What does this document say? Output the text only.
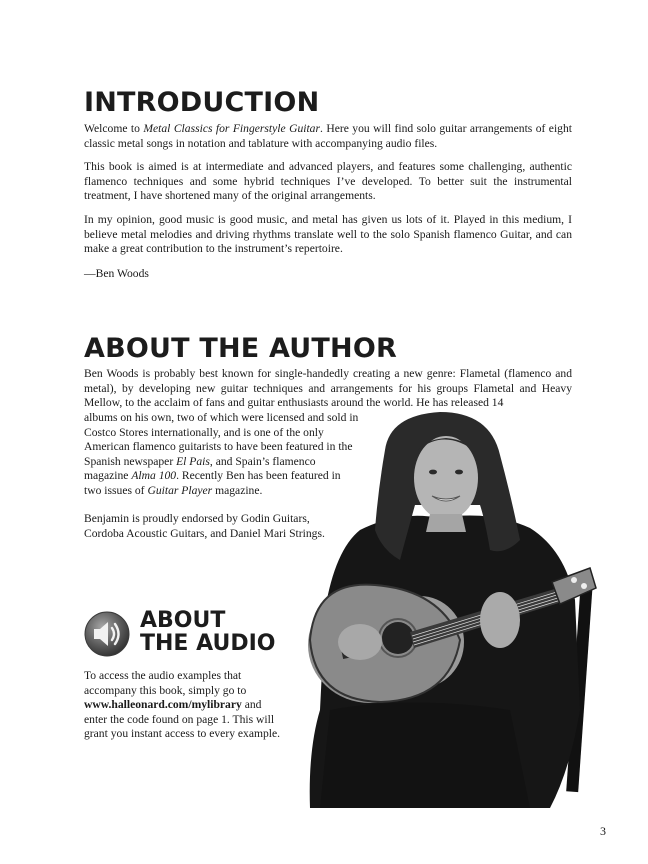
INTRODUCTION

Welcome to Metal Classics for Fingerstyle Guitar. Here you will find solo guitar arrangements of eight classic metal songs in notation and tablature with accompanying audio files.

This book is aimed is at intermediate and advanced players, and features some challenging, authentic flamenco techniques and some hybrid techniques I’ve developed. To better suit the instrumental treatment, I have shortened many of the original arrangements.

In my opinion, good music is good music, and metal has given us lots of it. Played in this medium, I believe metal melodies and driving rhythms translate well to the solo Spanish flamenco Guitar, and can make a great contribution to the instrument’s repertoire.

—Ben Woods

ABOUT THE AUTHOR

Ben Woods is probably best known for single-handedly creating a new genre: Flametal (flamenco and metal), by developing new guitar techniques and arrangements for his groups Flametal and Heavy Mellow, to the acclaim of fans and guitar enthusiasts around the world. He has released 14

albums on his own, two of which were licensed and sold in Costco Stores internationally, and is one of the only American flamenco guitarists to have been featured in the Spanish newspaper El Pais, and Spain’s flamenco magazine Alma 100. Recently Ben has been featured in two issues of Guitar Player magazine.

Benjamin is proudly endorsed by Godin Guitars, Cordoba Acoustic Guitars, and Daniel Mari Strings.

ABOUT
THE AUDIO

To access the audio examples that accompany this book, simply go to www.halleonard.com/mylibrary and enter the code found on page 1. This will grant you instant access to every example.

3
